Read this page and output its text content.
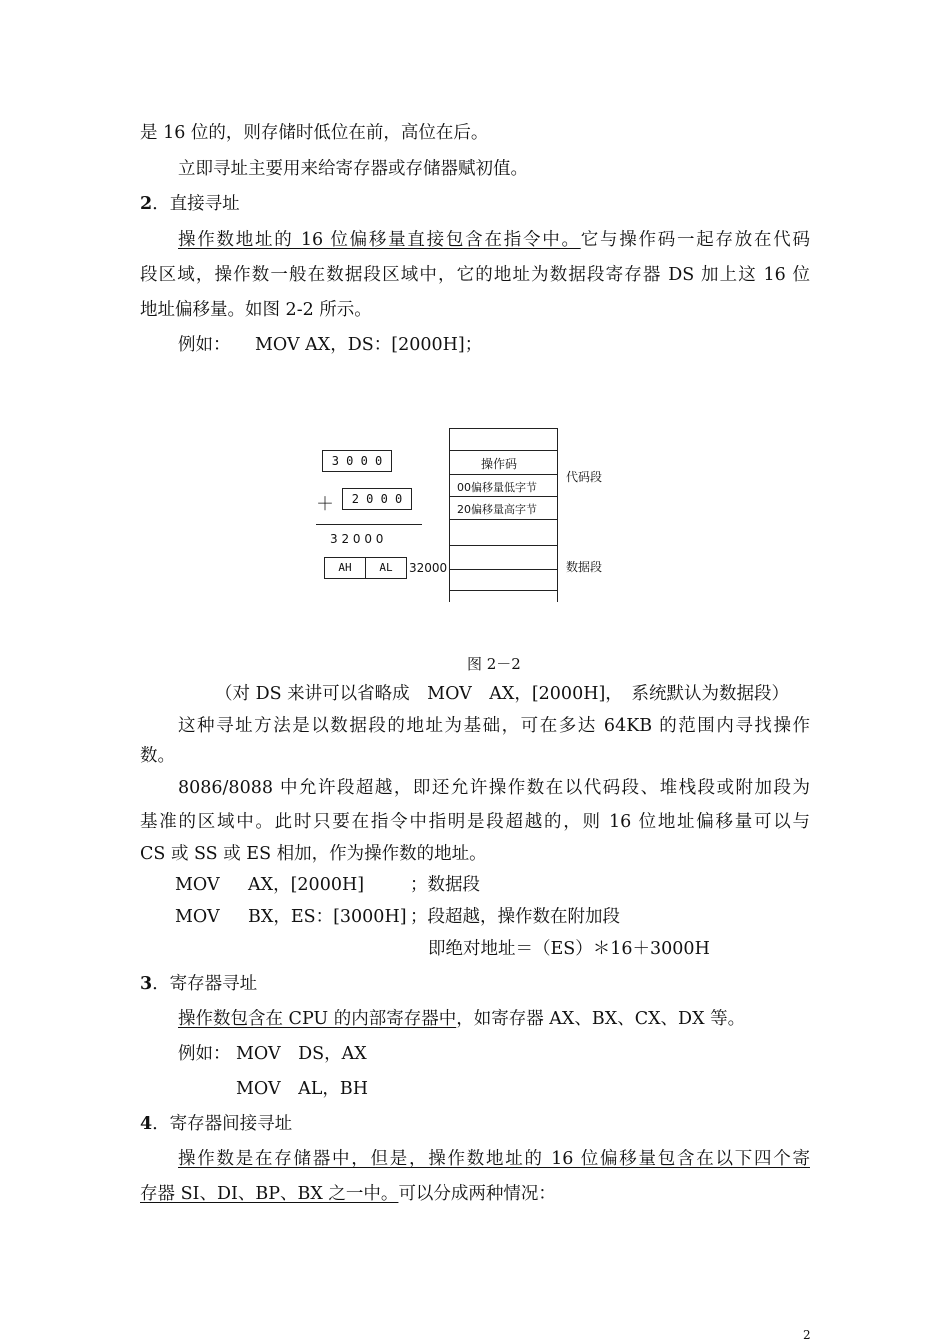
是 16 位的，则存储时低位在前，高位在后。
立即寻址主要用来给寄存器或存储器赋初值。
2．直接寻址
操作数地址的 16 位偏移量直接包含在指令中。它与操作码一起存放在代码
段区域，操作数一般在数据段区域中，它的地址为数据段寄存器 DS 加上这 16 位
地址偏移量。如图 2-2 所示。
例如： MOV AX，DS：[2000H]；
3 0 0 0
＋	2 0 0 0
3 2 0 0 0
AH	AL	32000
操作码
00偏移量低字节
20偏移量高字节
代码段
数据段
图 2－2
（对 DS 来讲可以省略成　MOV　AX，[2000H]，　系统默认为数据段）
这种寻址方法是以数据段的地址为基础，可在多达 64KB 的范围内寻找操作
数。
8086/8088 中允许段超越，即还允许操作数在以代码段、堆栈段或附加段为
基准的区域中。此时只要在指令中指明是段超越的，则 16 位地址偏移量可以与
CS 或 SS 或 ES 相加，作为操作数的地址。
MOV AX，[2000H]	；数据段
MOV BX，ES：[3000H] ；段超越，操作数在附加段
即绝对地址＝（ES）＊16＋3000H
3．寄存器寻址
操作数包含在 CPU 的内部寄存器中，如寄存器 AX、BX、CX、DX 等。
例如： MOV　DS，AX
MOV　AL，BH
4．寄存器间接寻址
操作数是在存储器中，但是，操作数地址的 16 位偏移量包含在以下四个寄
存器 SI、DI、BP、BX 之一中。可以分成两种情况：
2
